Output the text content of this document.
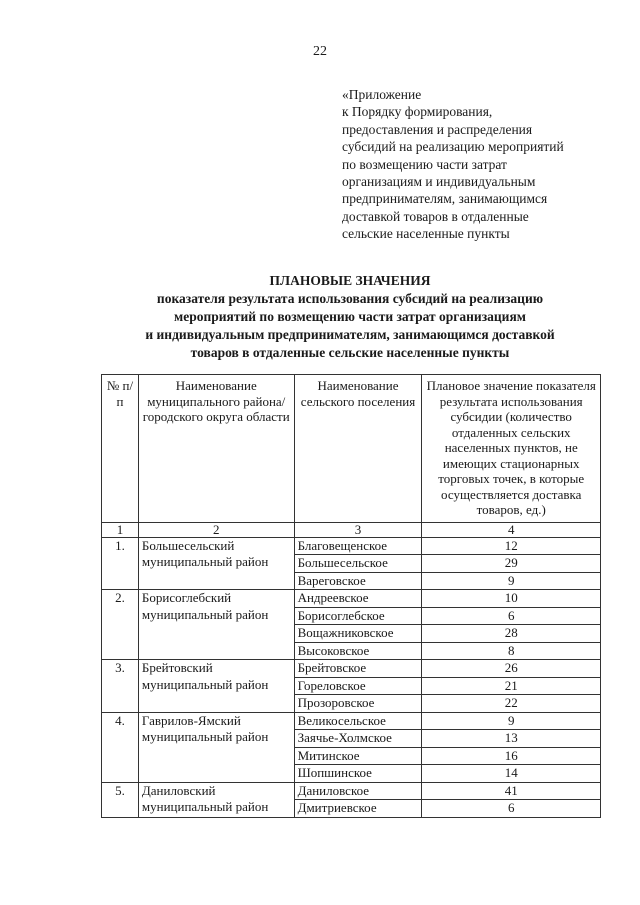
22
«Приложение
к Порядку формирования,
предоставления и распределения
субсидий на реализацию мероприятий
по возмещению части затрат
организациям и индивидуальным
предпринимателям, занимающимся
доставкой товаров в отдаленные
сельские населенные пункты
ПЛАНОВЫЕ ЗНАЧЕНИЯ
показателя результата использования субсидий на реализацию
мероприятий по возмещению части затрат организациям
и индивидуальным предпринимателям, занимающимся доставкой
товаров в отдаленные сельские населенные пункты
№ п/п	Наименование муниципального района/ городского округа области	Наименование сельского поселения	Плановое значение показателя результата использования субсидии (количество отдаленных сельских населенных пунктов, не имеющих стационарных торговых точек, в которые осуществляется доставка товаров, ед.)
1	2	3	4
1.	Большесельский муниципальный район	Благовещенское	12
		Большесельское	29
		Вареговское	9
2.	Борисоглебский муниципальный район	Андреевское	10
		Борисоглебское	6
		Вощажниковское	28
		Высоковское	8
3.	Брейтовский муниципальный район	Брейтовское	26
		Гореловское	21
		Прозоровское	22
4.	Гаврилов-Ямский муниципальный район	Великосельское	9
		Заячье-Холмское	13
		Митинское	16
		Шопшинское	14
5.	Даниловский муниципальный район	Даниловское	41
		Дмитриевское	6
